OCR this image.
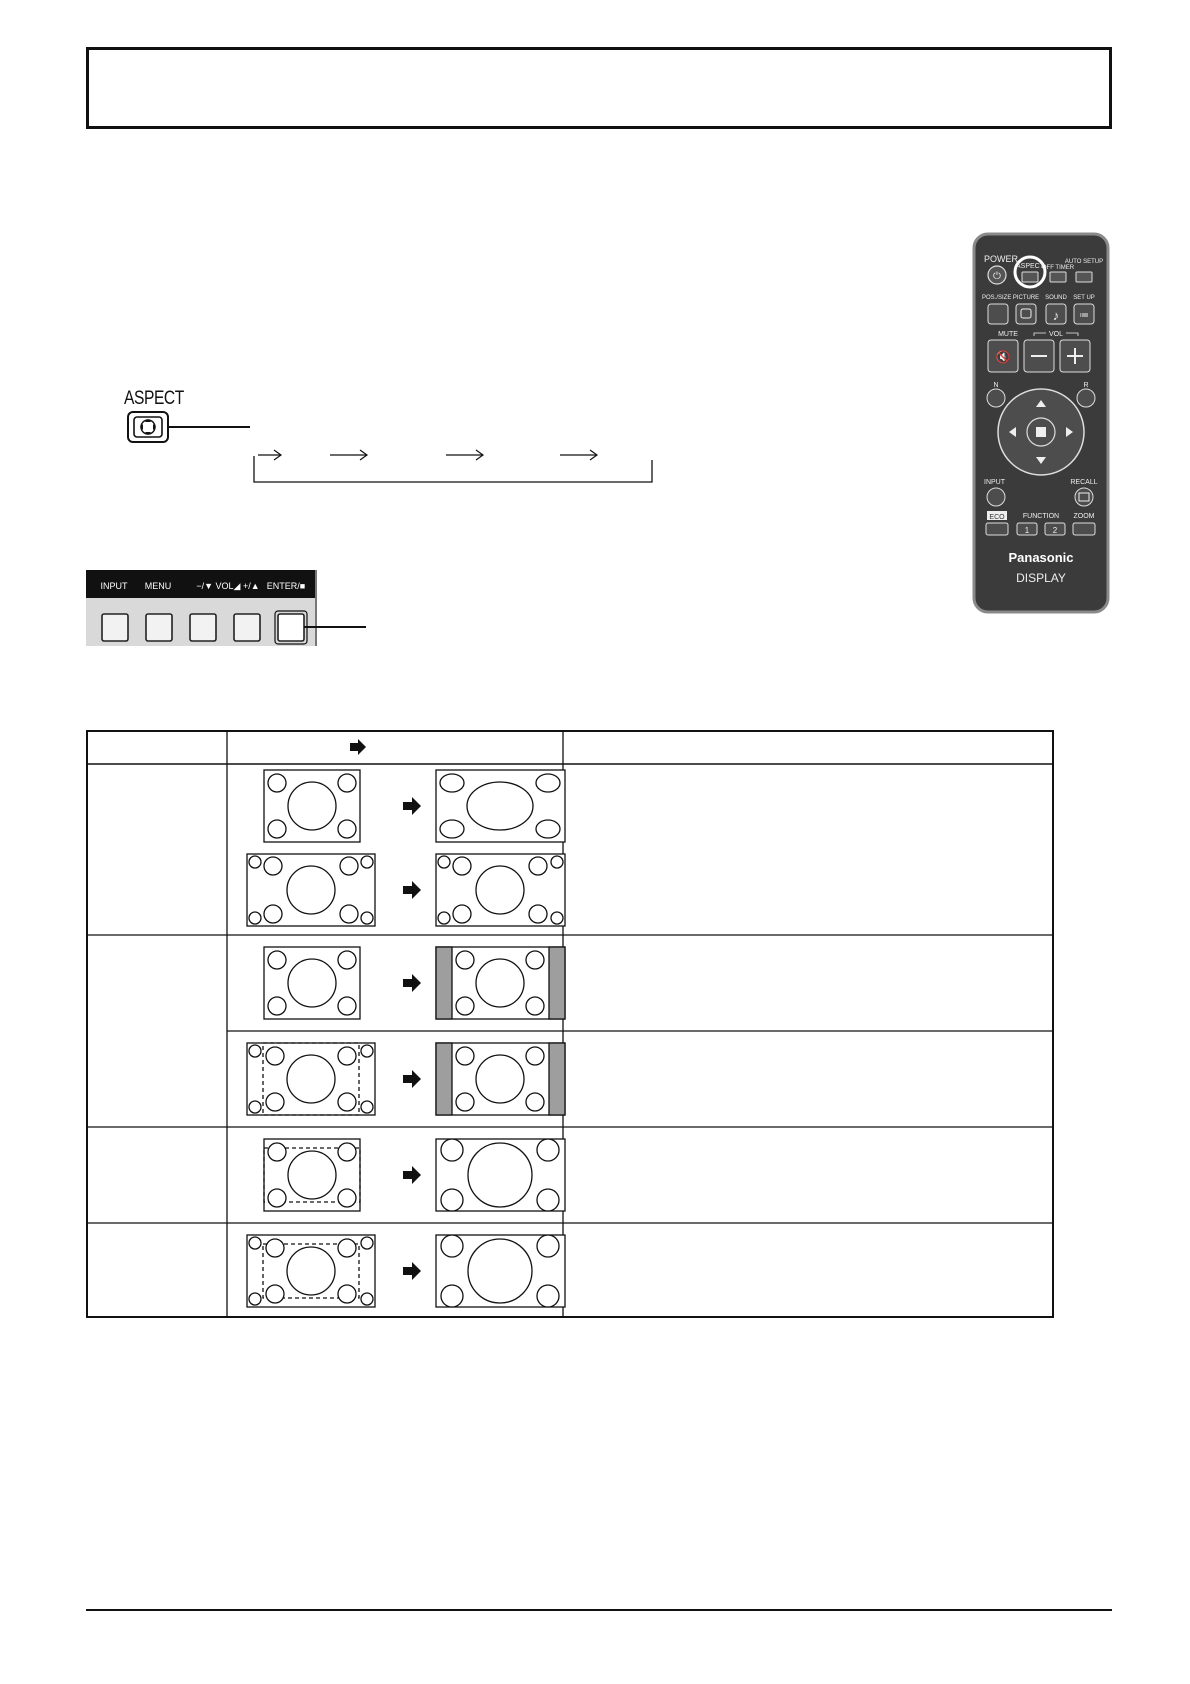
ASPECT
INPUT MENU	−/▼ VOL◢ +/▲ ENTER/■
POWER
⏻
ASPECT
OFF TIMER
AUTO SETUP
POS./SIZE PICTURE SOUND SET UP
♪ ≔
MUTE	VOL
🔇
N	R
INPUT	RECALL
ECO	FUNCTION ZOOM
1	2
Panasonic
DISPLAY
